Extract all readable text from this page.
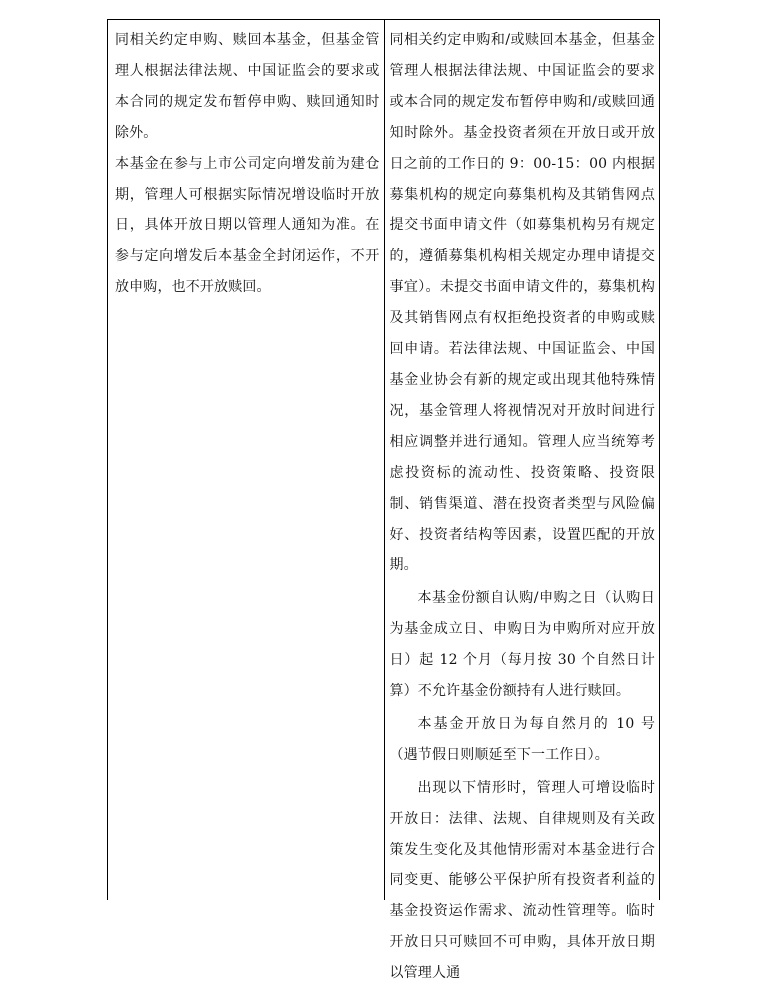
同相关约定申购、赎回本基金，但基金管理人根据法律法规、中国证监会的要求或本合同的规定发布暂停申购、赎回通知时除外。

本基金在参与上市公司定向增发前为建仓期，管理人可根据实际情况增设临时开放日，具体开放日期以管理人通知为准。在参与定向增发后本基金全封闭运作，不开放申购，也不开放赎回。

同相关约定申购和/或赎回本基金，但基金管理人根据法律法规、中国证监会的要求或本合同的规定发布暂停申购和/或赎回通知时除外。基金投资者须在开放日或开放日之前的工作日的 9：00-15：00 内根据募集机构的规定向募集机构及其销售网点提交书面申请文件（如募集机构另有规定的，遵循募集机构相关规定办理申请提交事宜）。未提交书面申请文件的，募集机构及其销售网点有权拒绝投资者的申购或赎回申请。若法律法规、中国证监会、中国基金业协会有新的规定或出现其他特殊情况，基金管理人将视情况对开放时间进行相应调整并进行通知。管理人应当统筹考虑投资标的流动性、投资策略、投资限制、销售渠道、潜在投资者类型与风险偏好、投资者结构等因素，设置匹配的开放期。

本基金份额自认购/申购之日（认购日为基金成立日、申购日为申购所对应开放日）起 12 个月（每月按 30 个自然日计算）不允许基金份额持有人进行赎回。

本基金开放日为每自然月的 10 号（遇节假日则顺延至下一工作日）。

出现以下情形时，管理人可增设临时开放日：法律、法规、自律规则及有关政策发生变化及其他情形需对本基金进行合同变更、能够公平保护所有投资者利益的基金投资运作需求、流动性管理等。临时开放日只可赎回不可申购，具体开放日期以管理人通
